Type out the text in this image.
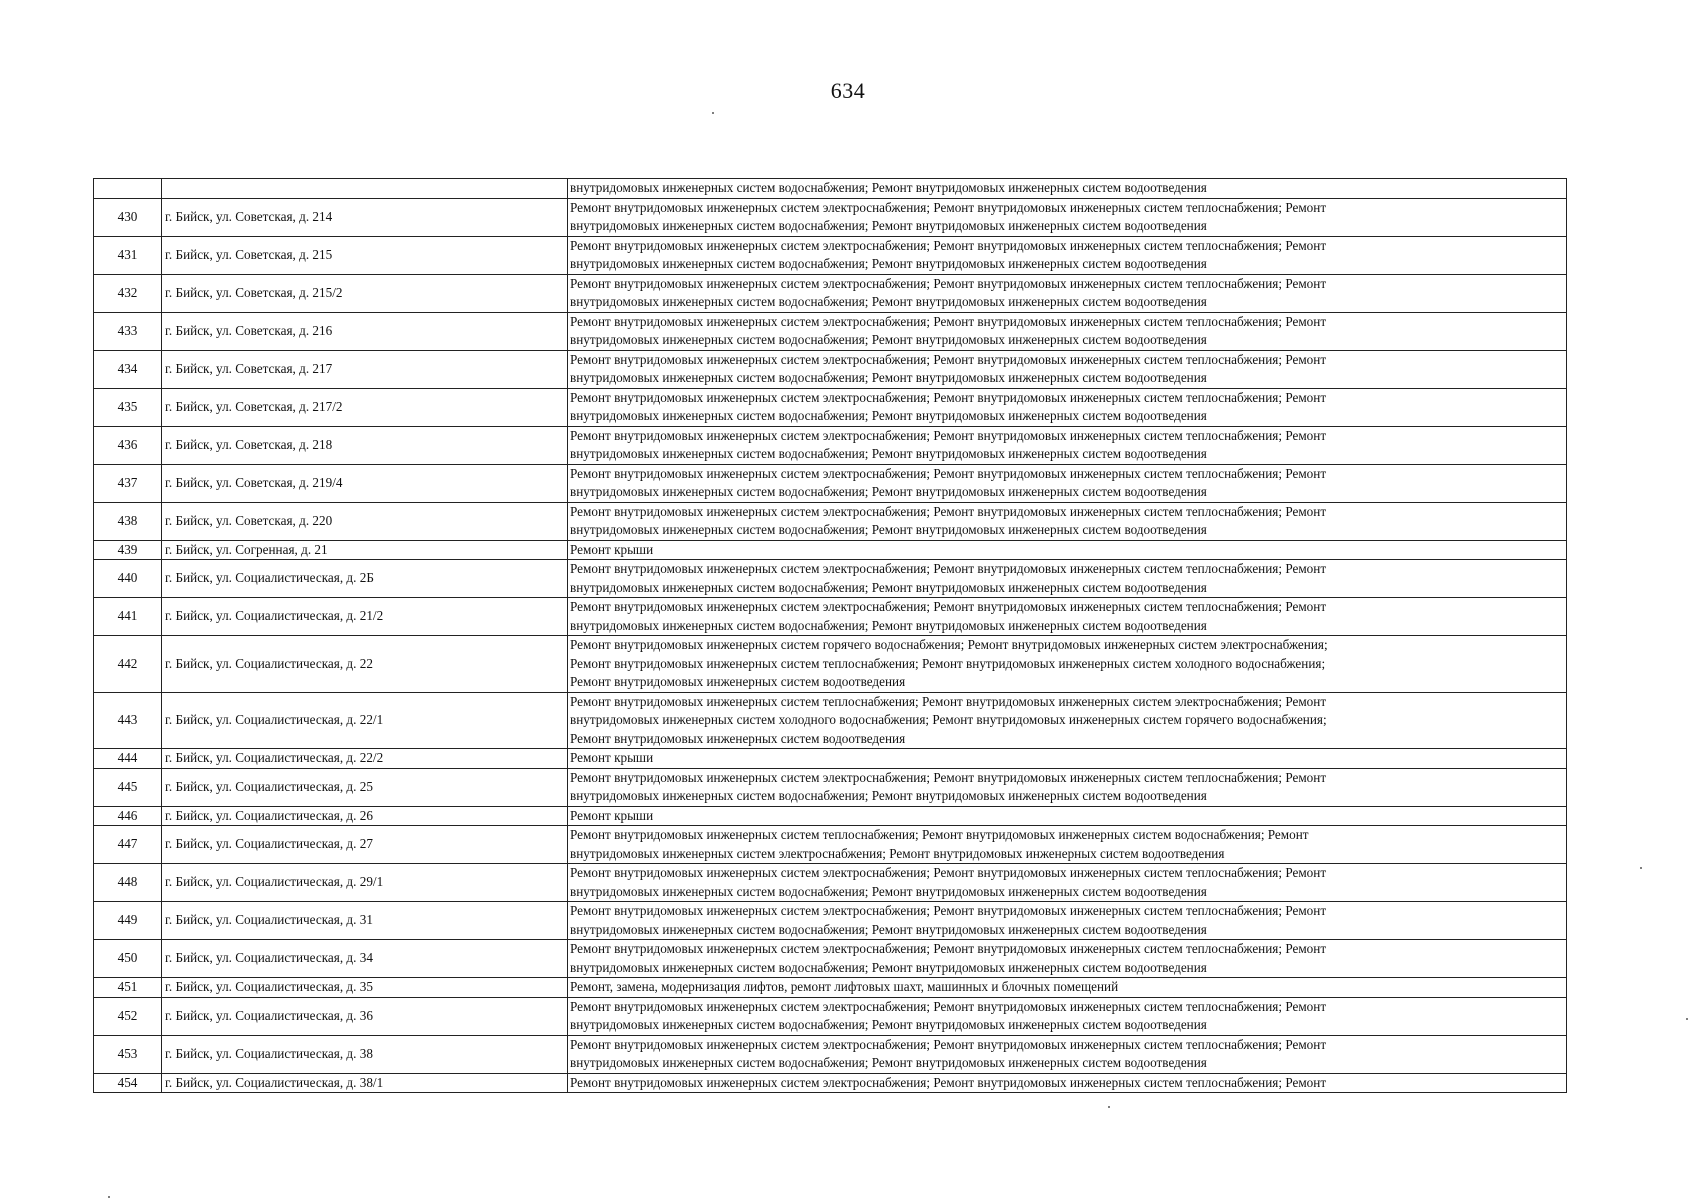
634

		внутридомовых инженерных систем водоснабжения; Ремонт внутридомовых инженерных систем водоотведения

430	г. Бийск, ул. Советская, д. 214	Ремонт внутридомовых инженерных систем электроснабжения; Ремонт внутридомовых инженерных систем теплоснабжения; Ремонт
внутридомовых инженерных систем водоснабжения; Ремонт внутридомовых инженерных систем водоотведения

431	г. Бийск, ул. Советская, д. 215	Ремонт внутридомовых инженерных систем электроснабжения; Ремонт внутридомовых инженерных систем теплоснабжения; Ремонт
внутридомовых инженерных систем водоснабжения; Ремонт внутридомовых инженерных систем водоотведения

432	г. Бийск, ул. Советская, д. 215/2	Ремонт внутридомовых инженерных систем электроснабжения; Ремонт внутридомовых инженерных систем теплоснабжения; Ремонт
внутридомовых инженерных систем водоснабжения; Ремонт внутридомовых инженерных систем водоотведения

433	г. Бийск, ул. Советская, д. 216	Ремонт внутридомовых инженерных систем электроснабжения; Ремонт внутридомовых инженерных систем теплоснабжения; Ремонт
внутридомовых инженерных систем водоснабжения; Ремонт внутридомовых инженерных систем водоотведения

434	г. Бийск, ул. Советская, д. 217	Ремонт внутридомовых инженерных систем электроснабжения; Ремонт внутридомовых инженерных систем теплоснабжения; Ремонт
внутридомовых инженерных систем водоснабжения; Ремонт внутридомовых инженерных систем водоотведения

435	г. Бийск, ул. Советская, д. 217/2	Ремонт внутридомовых инженерных систем электроснабжения; Ремонт внутридомовых инженерных систем теплоснабжения; Ремонт
внутридомовых инженерных систем водоснабжения; Ремонт внутридомовых инженерных систем водоотведения

436	г. Бийск, ул. Советская, д. 218	Ремонт внутридомовых инженерных систем электроснабжения; Ремонт внутридомовых инженерных систем теплоснабжения; Ремонт
внутридомовых инженерных систем водоснабжения; Ремонт внутридомовых инженерных систем водоотведения

437	г. Бийск, ул. Советская, д. 219/4	Ремонт внутридомовых инженерных систем электроснабжения; Ремонт внутридомовых инженерных систем теплоснабжения; Ремонт
внутридомовых инженерных систем водоснабжения; Ремонт внутридомовых инженерных систем водоотведения

438	г. Бийск, ул. Советская, д. 220	Ремонт внутридомовых инженерных систем электроснабжения; Ремонт внутридомовых инженерных систем теплоснабжения; Ремонт
внутридомовых инженерных систем водоснабжения; Ремонт внутридомовых инженерных систем водоотведения

439	г. Бийск, ул. Согренная, д. 21	Ремонт крыши

440	г. Бийск, ул. Социалистическая, д. 2Б	Ремонт внутридомовых инженерных систем электроснабжения; Ремонт внутридомовых инженерных систем теплоснабжения; Ремонт
внутридомовых инженерных систем водоснабжения; Ремонт внутридомовых инженерных систем водоотведения

441	г. Бийск, ул. Социалистическая, д. 21/2	Ремонт внутридомовых инженерных систем электроснабжения; Ремонт внутридомовых инженерных систем теплоснабжения; Ремонт
внутридомовых инженерных систем водоснабжения; Ремонт внутридомовых инженерных систем водоотведения

442	г. Бийск, ул. Социалистическая, д. 22	Ремонт внутридомовых инженерных систем горячего водоснабжения; Ремонт внутридомовых инженерных систем электроснабжения;
Ремонт внутридомовых инженерных систем теплоснабжения; Ремонт внутридомовых инженерных систем холодного водоснабжения;
Ремонт внутридомовых инженерных систем водоотведения

443	г. Бийск, ул. Социалистическая, д. 22/1	Ремонт внутридомовых инженерных систем теплоснабжения; Ремонт внутридомовых инженерных систем электроснабжения; Ремонт
внутридомовых инженерных систем холодного водоснабжения; Ремонт внутридомовых инженерных систем горячего водоснабжения;
Ремонт внутридомовых инженерных систем водоотведения

444	г. Бийск, ул. Социалистическая, д. 22/2	Ремонт крыши

445	г. Бийск, ул. Социалистическая, д. 25	Ремонт внутридомовых инженерных систем электроснабжения; Ремонт внутридомовых инженерных систем теплоснабжения; Ремонт
внутридомовых инженерных систем водоснабжения; Ремонт внутридомовых инженерных систем водоотведения

446	г. Бийск, ул. Социалистическая, д. 26	Ремонт крыши

447	г. Бийск, ул. Социалистическая, д. 27	Ремонт внутридомовых инженерных систем теплоснабжения; Ремонт внутридомовых инженерных систем водоснабжения; Ремонт
внутридомовых инженерных систем электроснабжения; Ремонт внутридомовых инженерных систем водоотведения

448	г. Бийск, ул. Социалистическая, д. 29/1	Ремонт внутридомовых инженерных систем электроснабжения; Ремонт внутридомовых инженерных систем теплоснабжения; Ремонт
внутридомовых инженерных систем водоснабжения; Ремонт внутридомовых инженерных систем водоотведения

449	г. Бийск, ул. Социалистическая, д. 31	Ремонт внутридомовых инженерных систем электроснабжения; Ремонт внутридомовых инженерных систем теплоснабжения; Ремонт
внутридомовых инженерных систем водоснабжения; Ремонт внутридомовых инженерных систем водоотведения

450	г. Бийск, ул. Социалистическая, д. 34	Ремонт внутридомовых инженерных систем электроснабжения; Ремонт внутридомовых инженерных систем теплоснабжения; Ремонт
внутридомовых инженерных систем водоснабжения; Ремонт внутридомовых инженерных систем водоотведения

451	г. Бийск, ул. Социалистическая, д. 35	Ремонт, замена, модернизация лифтов, ремонт лифтовых шахт, машинных и блочных помещений

452	г. Бийск, ул. Социалистическая, д. 36	Ремонт внутридомовых инженерных систем электроснабжения; Ремонт внутридомовых инженерных систем теплоснабжения; Ремонт
внутридомовых инженерных систем водоснабжения; Ремонт внутридомовых инженерных систем водоотведения

453	г. Бийск, ул. Социалистическая, д. 38	Ремонт внутридомовых инженерных систем электроснабжения; Ремонт внутридомовых инженерных систем теплоснабжения; Ремонт
внутридомовых инженерных систем водоснабжения; Ремонт внутридомовых инженерных систем водоотведения

454	г. Бийск, ул. Социалистическая, д. 38/1	Ремонт внутридомовых инженерных систем электроснабжения; Ремонт внутридомовых инженерных систем теплоснабжения; Ремонт
